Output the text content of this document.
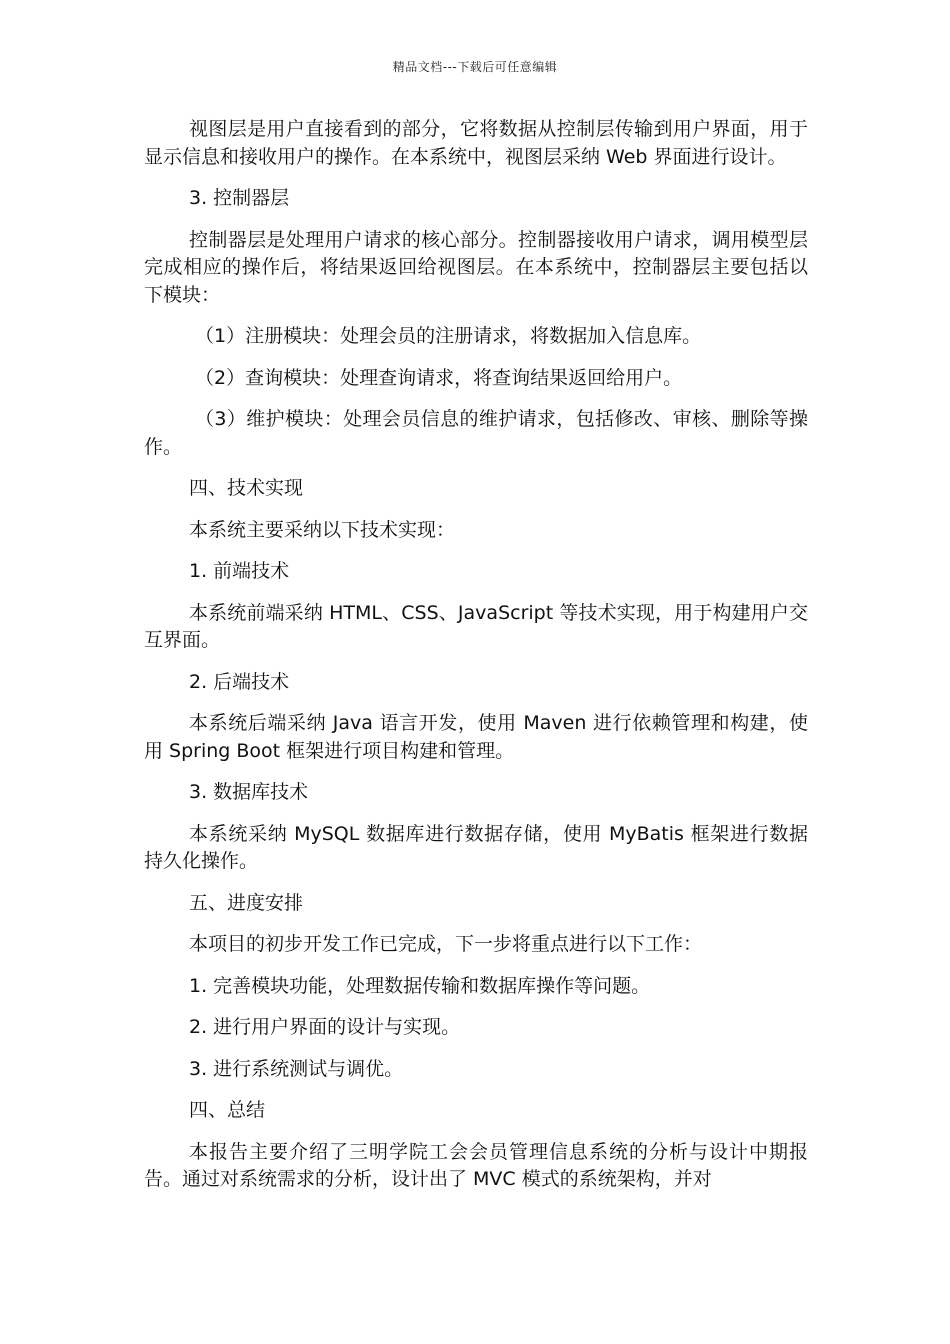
精品文档---下载后可任意编辑

视图层是用户直接看到的部分，它将数据从控制层传输到用户界面，用于显示信息和接收用户的操作。在本系统中，视图层采纳 Web 界面进行设计。

3. 控制器层

控制器层是处理用户请求的核心部分。控制器接收用户请求，调用模型层完成相应的操作后，将结果返回给视图层。在本系统中，控制器层主要包括以下模块：

（1）注册模块：处理会员的注册请求，将数据加入信息库。

（2）查询模块：处理查询请求，将查询结果返回给用户。

（3）维护模块：处理会员信息的维护请求，包括修改、审核、删除等操作。

四、技术实现

本系统主要采纳以下技术实现：

1. 前端技术

本系统前端采纳 HTML、CSS、JavaScript 等技术实现，用于构建用户交互界面。

2. 后端技术

本系统后端采纳 Java 语言开发，使用 Maven 进行依赖管理和构建，使用 Spring Boot 框架进行项目构建和管理。

3. 数据库技术

本系统采纳 MySQL 数据库进行数据存储，使用 MyBatis 框架进行数据持久化操作。

五、进度安排

本项目的初步开发工作已完成，下一步将重点进行以下工作：

1. 完善模块功能，处理数据传输和数据库操作等问题。

2. 进行用户界面的设计与实现。

3. 进行系统测试与调优。

四、总结

本报告主要介绍了三明学院工会会员管理信息系统的分析与设计中期报告。通过对系统需求的分析，设计出了 MVC 模式的系统架构，并对
